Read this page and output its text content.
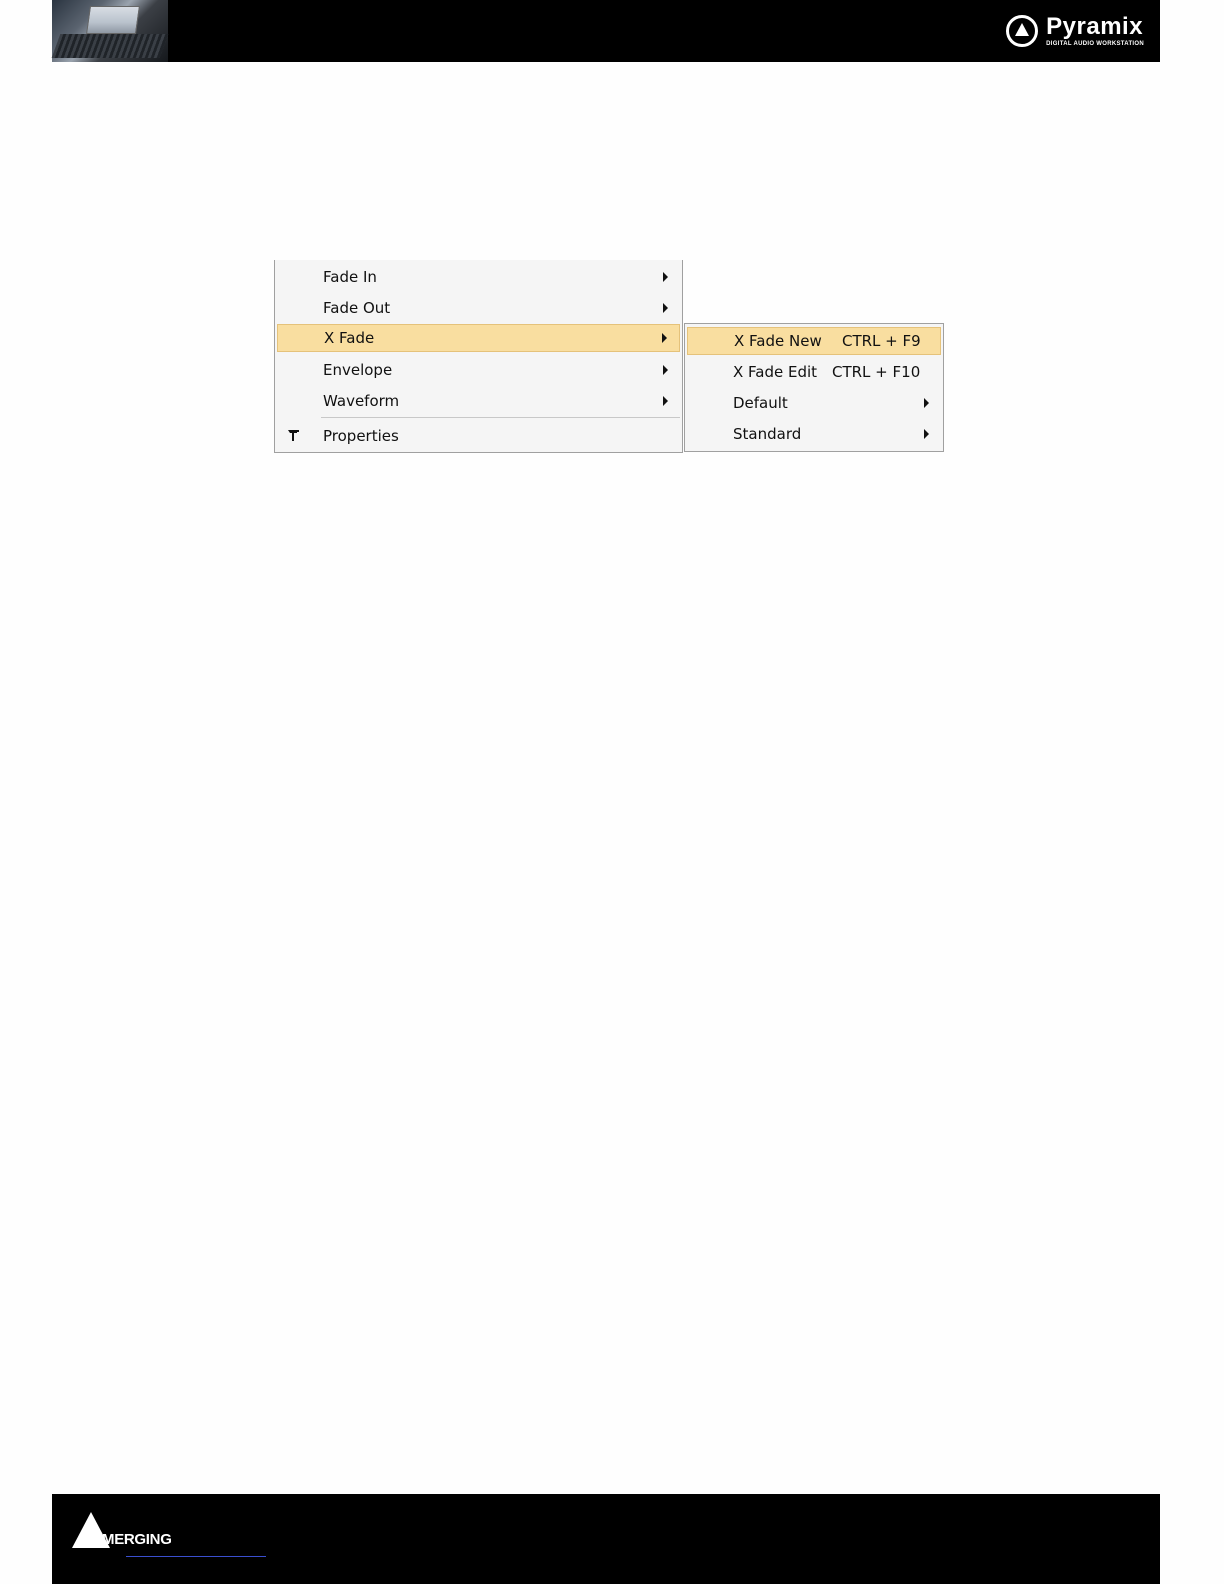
Pyramix
DIGITAL AUDIO WORKSTATION
Fade In
Fade Out
X Fade
Envelope
Waveform
Properties
X Fade New CTRL + F9
X Fade Edit CTRL + F10
Default
Standard
MERGING
